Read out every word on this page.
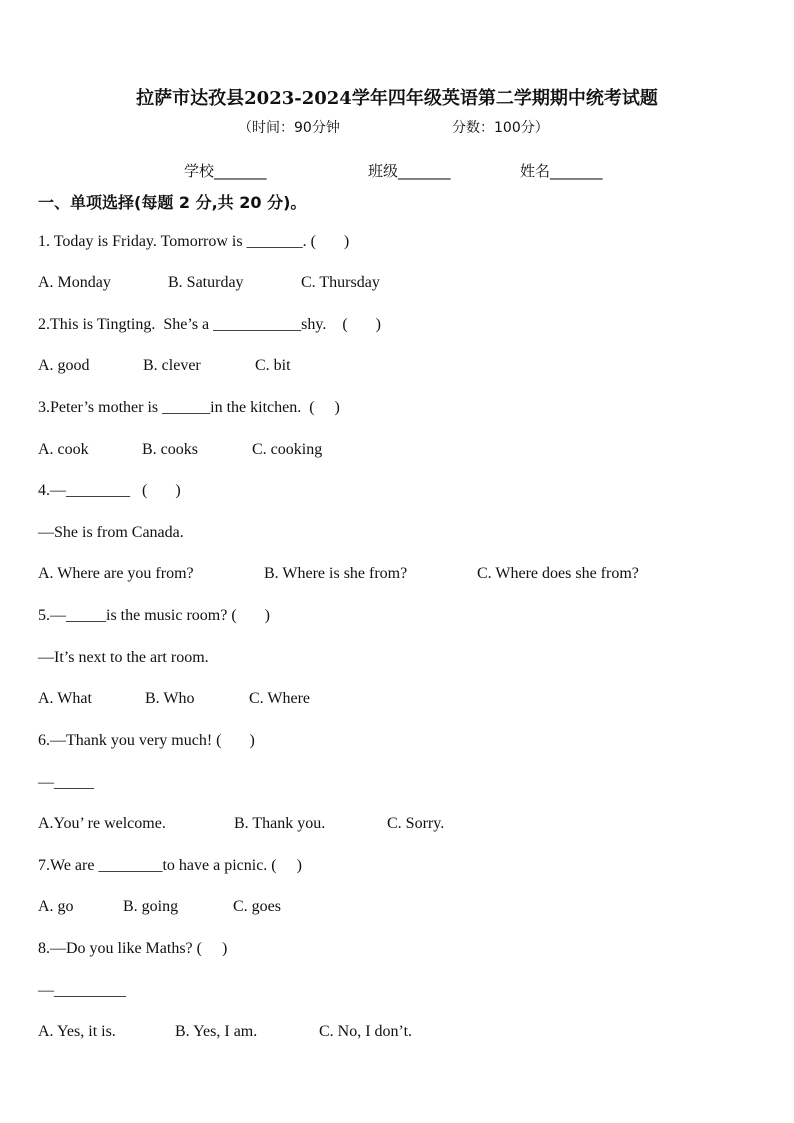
拉萨市达孜县2023-2024学年四年级英语第二学期期中统考试题
（时间：90分钟	分数：100分）
学校_______	班级_______	姓名_______
一、单项选择(每题 2 分,共 20 分)。
1. Today is Friday. Tomorrow is _______. (       )
A. Monday	B. Saturday	C. Thursday
2.This is Tingting.  She’s a ___________shy.    (       )
A. good	B. clever	C. bit
3.Peter’s mother is ______in the kitchen.  (     )
A. cook	B. cooks	C. cooking
4.—________   (       )
—She is from Canada.
A. Where are you from?	B. Where is she from?	C. Where does she from?
5.—_____is the music room? (       )
—It’s next to the art room.
A. What	B. Who	C. Where
6.—Thank you very much! (       )
—_____
A.You’ re welcome.	B. Thank you.	C. Sorry.
7.We are ________to have a picnic. (     )
A. go	B. going	C. goes
8.—Do you like Maths? (     )
—_________
A. Yes, it is.	B. Yes, I am.	C. No, I don’t.
